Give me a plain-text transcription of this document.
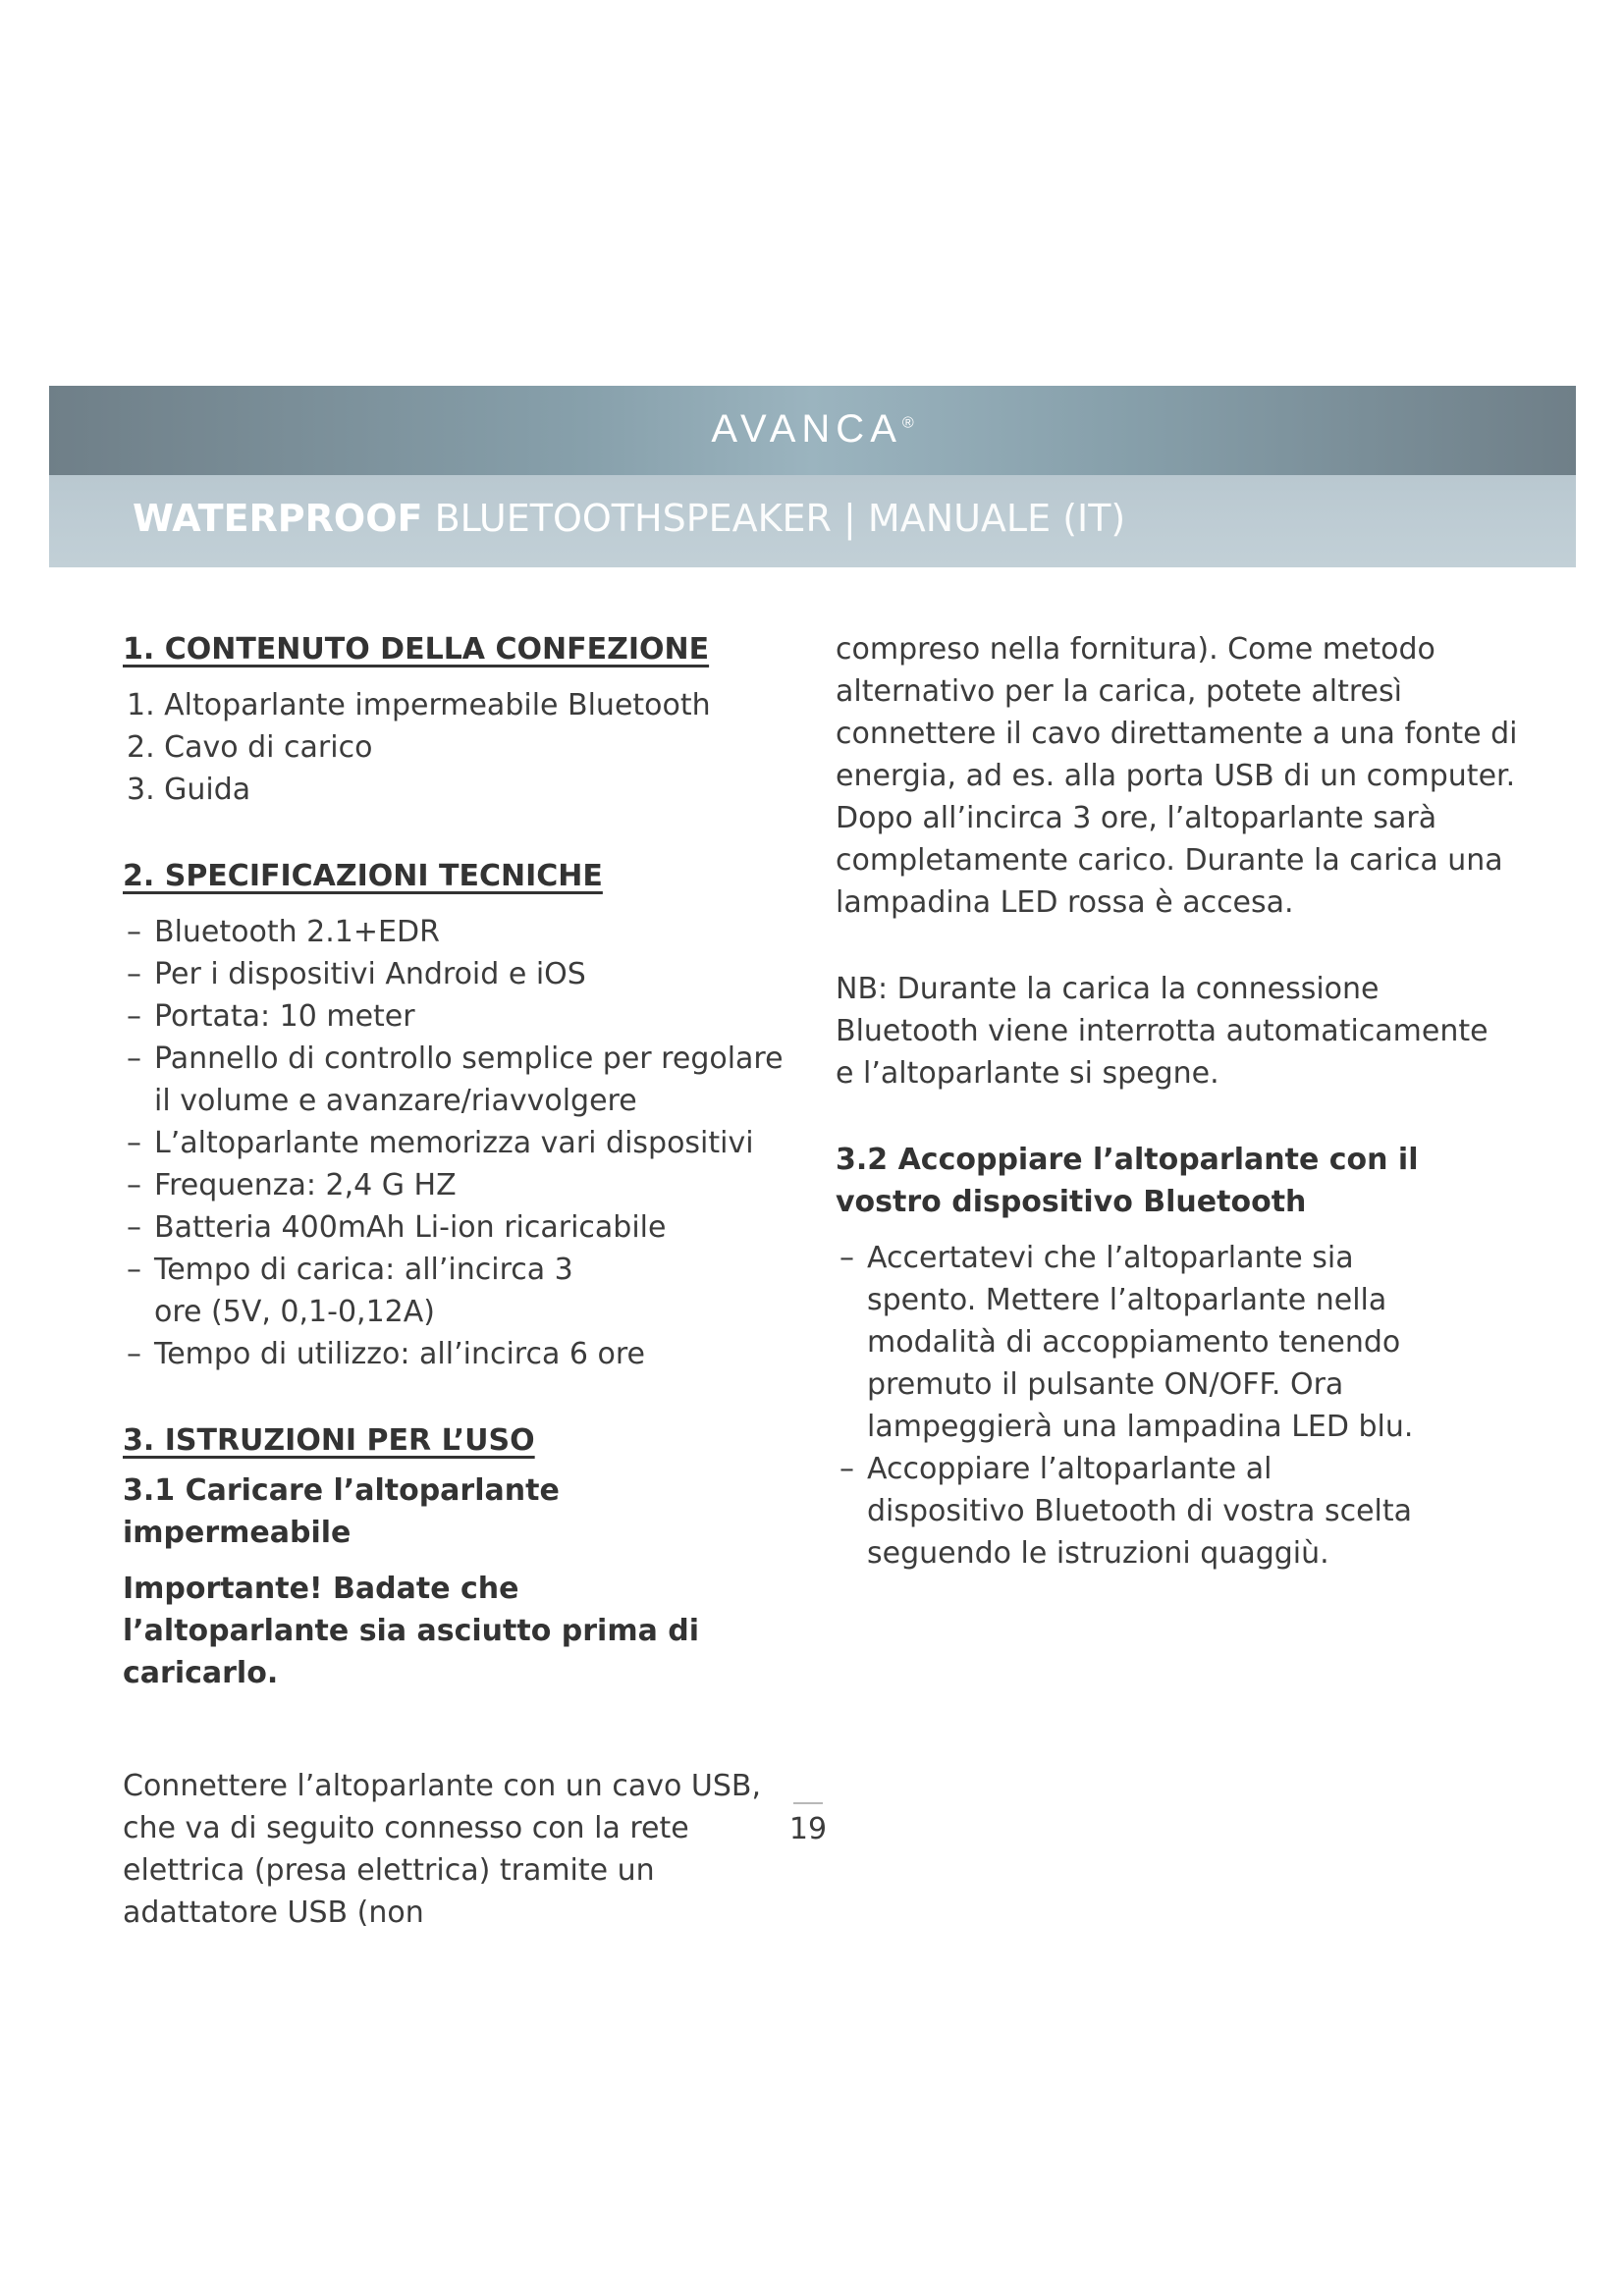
AVANCA®
WATERPROOF BLUETOOTHSPEAKER | MANUALE (IT)
1. CONTENUTO DELLA CONFEZIONE
1. Altoparlante impermeabile Bluetooth
2. Cavo di carico
3. Guida
2. SPECIFICAZIONI TECNICHE
– Bluetooth 2.1+EDR
– Per i dispositivi Android e iOS
– Portata: 10 meter
– Pannello di controllo semplice per regolare il volume e avanzare/riavvolgere
– L’altoparlante memorizza vari dispositivi
– Frequenza: 2,4 G HZ
– Batteria 400mAh Li-ion ricaricabile
– Tempo di carica: all’incirca 3 ore (5V, 0,1-0,12A)
– Tempo di utilizzo: all’incirca 6 ore
3. ISTRUZIONI PER L’USO
3.1 Caricare l’altoparlante impermeabile

Importante! Badate che l’altoparlante sia asciutto prima di caricarlo.

Connettere l’altoparlante con un cavo USB, che va di seguito connesso con la rete elettrica (presa elettrica) tramite un adattatore USB (non

compreso nella fornitura). Come metodo alternativo per la carica, potete altresì connettere il cavo direttamente a una fonte di energia, ad es. alla porta USB di un computer. Dopo all’incirca 3 ore, l’altoparlante sarà completamente carico. Durante la carica una lampadina LED rossa è accesa.

NB: Durante la carica la connessione Bluetooth viene interrotta automaticamente e l’altoparlante si spegne.

3.2 Accoppiare l’altoparlante con il vostro dispositivo Bluetooth
– Accertatevi che l’altoparlante sia spento. Mettere l’altoparlante nella modalità di accoppiamento tenendo premuto il pulsante ON/OFF. Ora lampeggierà una lampadina LED blu.
– Accoppiare l’altoparlante al dispositivo Bluetooth di vostra scelta seguendo le istruzioni quaggiù.
19
